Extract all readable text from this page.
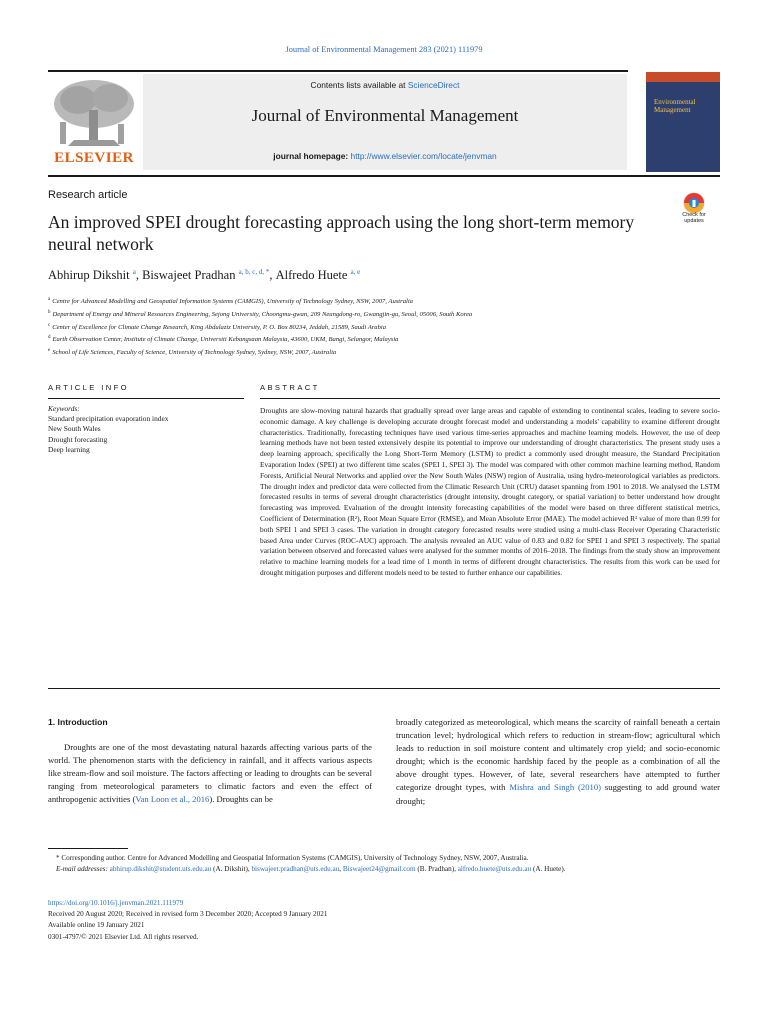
Journal of Environmental Management 283 (2021) 111979
ELSEVIER
Contents lists available at ScienceDirect
Journal of Environmental Management
journal homepage: http://www.elsevier.com/locate/jenvman
Environmental Management
Research article
An improved SPEI drought forecasting approach using the long short-term memory neural network
Check for updates
Abhirup Dikshit $^a$, Biswajeet Pradhan $^{a, b, c, d, *}$, Alfredo Huete $^{a, e}$
$^a$ Centre for Advanced Modelling and Geospatial Information Systems (CAMGIS), University of Technology Sydney, NSW, 2007, Australia
$^b$ Department of Energy and Mineral Resources Engineering, Sejong University, Choongmu-gwan, 209 Neungdong-ro, Gwangjin-gu, Seoul, 05006, South Korea
$^c$ Center of Excellence for Climate Change Research, King Abdulaziz University, P. O. Box 80234, Jeddah, 21589, Saudi Arabia
$^d$ Earth Observation Center, Institute of Climate Change, Universiti Kebangsaan Malaysia, 43600, UKM, Bangi, Selangor, Malaysia
$^e$ School of Life Sciences, Faculty of Science, University of Technology Sydney, Sydney, NSW, 2007, Australia
ARTICLE INFO	ABSTRACT
Keywords:
Standard precipitation evaporation index
New South Wales
Drought forecasting
Deep learning
Droughts are slow-moving natural hazards that gradually spread over large areas and capable of extending to continental scales, leading to severe socio-economic damage. A key challenge is developing accurate drought forecast model and understanding a models' capability to examine different drought characteristics. Traditionally, forecasting techniques have used various time-series approaches and machine learning models. However, the use of deep learning methods have not been tested extensively despite its potential to improve our understanding of drought characteristics. The present study uses a deep learning approach, specifically the Long Short-Term Memory (LSTM) to predict a commonly used drought measure, the Standard Precipitation Evaporation Index (SPEI) at two different time scales (SPEI 1, SPEI 3). The model was compared with other common machine learning method, Random Forests, Artificial Neural Networks and applied over the New South Wales (NSW) region of Australia, using hydro-meteorological variables as predictors. The drought index and predictor data were collected from the Climatic Research Unit (CRU) dataset spanning from 1901 to 2018. We analysed the LSTM forecasted results in terms of several drought characteristics (drought intensity, drought category, or spatial variation) to better understand how drought forecasting was improved. Evaluation of the drought intensity forecasting capabilities of the model were based on three different statistical metrics, Coefficient of Determination (R²), Root Mean Square Error (RMSE), and Mean Absolute Error (MAE). The model achieved R² value of more than 0.99 for both SPEI 1 and SPEI 3 cases. The variation in drought category forecasted results were studied using a multi-class Receiver Operating Characteristic based Area under Curves (ROC-AUC) approach. The analysis revealed an AUC value of 0.83 and 0.82 for SPEI 1 and SPEI 3 respectively. The spatial variation between observed and forecasted values were analysed for the summer months of 2016–2018. The findings from the study show an improvement relative to machine learning models for a lead time of 1 month in terms of different drought characteristics. The results from this work can be used for drought mitigation purposes and different models need to be tested to further enhance our capabilities.
1. Introduction
Droughts are one of the most devastating natural hazards affecting various parts of the world. The phenomenon starts with the deficiency in rainfall, and it affects various aspects like stream-flow and soil moisture. The factors affecting or leading to droughts can be several ranging from meteorological parameters to climatic factors and even the effect of anthropogenic activities (Van Loon et al., 2016). Droughts can be
broadly categorized as meteorological, which means the scarcity of rainfall beneath a certain truncation level; hydrological which refers to reduction in stream-flow; agricultural which leads to reduction in soil moisture content and ultimately crop yield; and socio-economic drought; which is the economic hardship faced by the people as a combination of all the above drought types. However, of late, several researchers have attempted to further categorize drought types, with Mishra and Singh (2010) suggesting to add ground water drought;
* Corresponding author. Centre for Advanced Modelling and Geospatial Information Systems (CAMGIS), University of Technology Sydney, NSW, 2007, Australia.
E-mail addresses: abhirup.dikshit@student.uts.edu.au (A. Dikshit), biswajeet.pradhan@uts.edu.au, Biswajeet24@gmail.com (B. Pradhan), alfredo.huete@uts.edu.au (A. Huete).
https://doi.org/10.1016/j.jenvman.2021.111979
Received 20 August 2020; Received in revised form 3 December 2020; Accepted 9 January 2021
Available online 19 January 2021
0301-4797/© 2021 Elsevier Ltd. All rights reserved.
